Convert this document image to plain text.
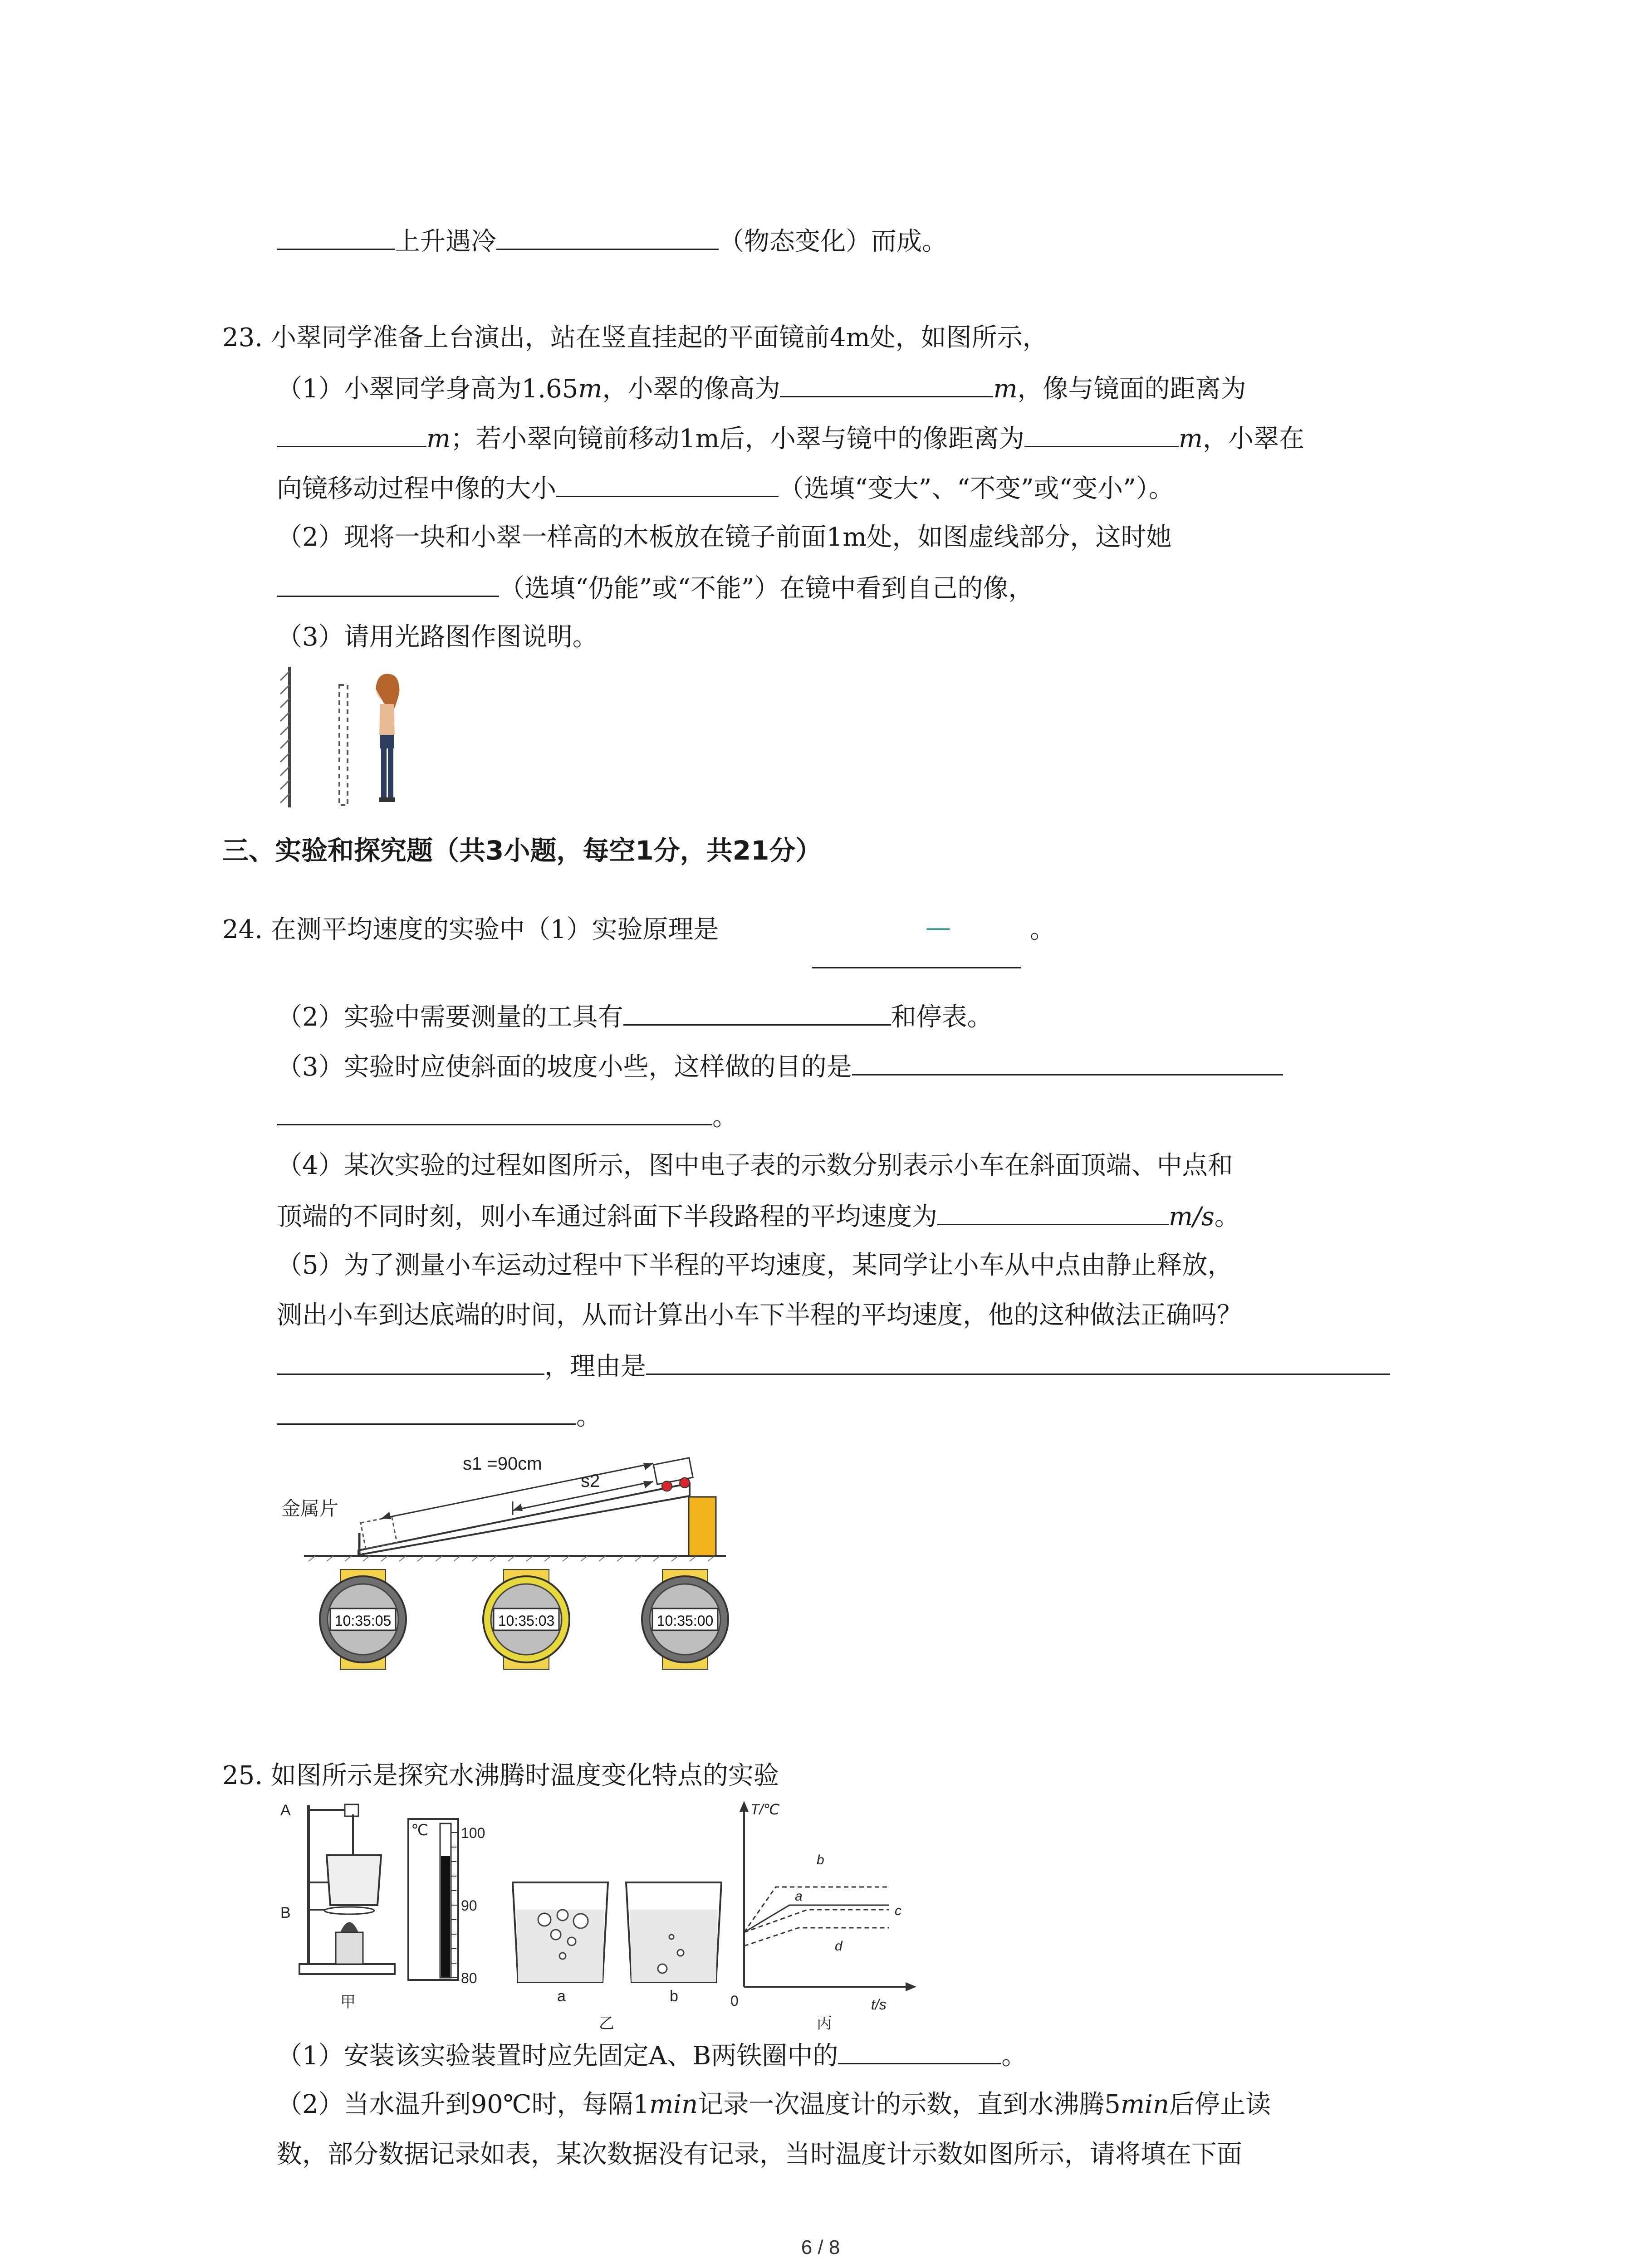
上升遇冷	（物态变化）而成。
23. 小翠同学准备上台演出，站在竖直挂起的平面镜前4m处，如图所示，
（1）小翠同学身高为1.65m，小翠的像高为	m，像与镜面的距离为
m；若小翠向镜前移动1m后，小翠与镜中的像距离为	m，小翠在
向镜移动过程中像的大小	（选填“变大”、“不变”或“变小”）。
（2）现将一块和小翠一样高的木板放在镜子前面1m处，如图虚线部分，这时她
（选填“仍能”或“不能”）在镜中看到自己的像，
（3）请用光路图作图说明。
三、实验和探究题（共3小题，每空1分，共21分）
24. 在测平均速度的实验中（1）实验原理是	—	。
（2）实验中需要测量的工具有	和停表。
（3）实验时应使斜面的坡度小些，这样做的目的是
。
（4）某次实验的过程如图所示，图中电子表的示数分别表示小车在斜面顶端、中点和
顶端的不同时刻，则小车通过斜面下半段路程的平均速度为	m/s。
（5）为了测量小车运动过程中下半程的平均速度，某同学让小车从中点由静止释放，
测出小车到达底端的时间，从而计算出小车下半程的平均速度，他的这种做法正确吗？
，理由是
。
s1 =90cm
s2
金属片
10:35:05	10:35:03	10:35:00
25. 如图所示是探究水沸腾时温度变化特点的实验
A
B
甲
℃ 100
90
80
a	b
乙
T/℃
t/s
0
b
a
c
d
丙
（1）安装该实验装置时应先固定A、B两铁圈中的	。
（2）当水温升到90℃时，每隔1min记录一次温度计的示数，直到水沸腾5min后停止读
数，部分数据记录如表，某次数据没有记录，当时温度计示数如图所示，请将填在下面
6 / 8
